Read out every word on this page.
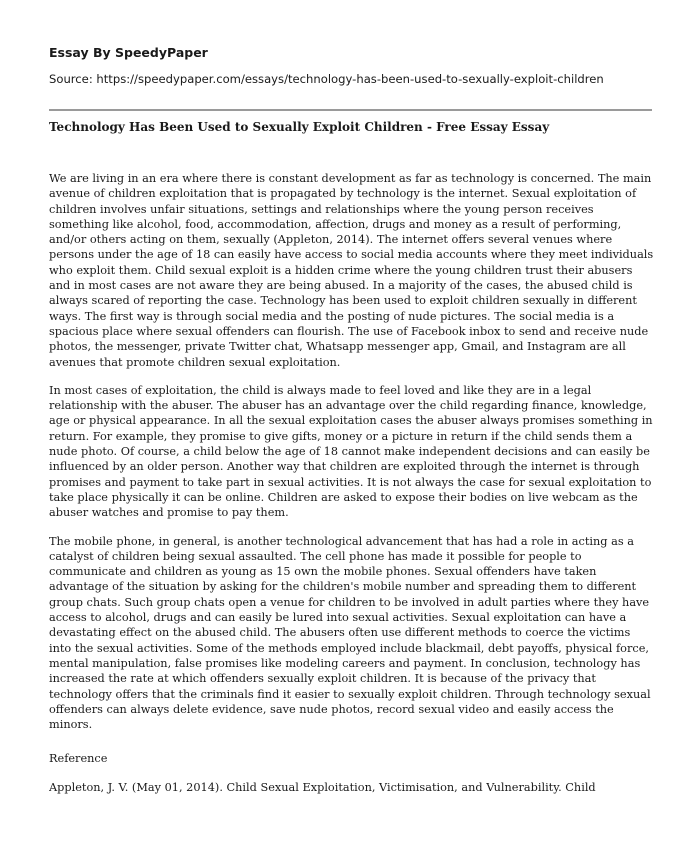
Essay By SpeedyPaper
Source: https://speedypaper.com/essays/technology-has-been-used-to-sexually-exploit-children
Technology Has Been Used to Sexually Exploit Children - Free Essay Essay

We are living in an era where there is constant development as far as technology is concerned. The main avenue of children exploitation that is propagated by technology is the internet. Sexual exploitation of children involves unfair situations, settings and relationships where the young person receives something like alcohol, food, accommodation, affection, drugs and money as a result of performing, and/or others acting on them, sexually (Appleton, 2014). The internet offers several venues where persons under the age of 18 can easily have access to social media accounts where they meet individuals who exploit them. Child sexual exploit is a hidden crime where the young children trust their abusers and in most cases are not aware they are being abused. In a majority of the cases, the abused child is always scared of reporting the case. Technology has been used to exploit children sexually in different ways. The first way is through social media and the posting of nude pictures. The social media is a spacious place where sexual offenders can flourish. The use of Facebook inbox to send and receive nude photos, the messenger, private Twitter chat, Whatsapp messenger app, Gmail, and Instagram are all avenues that promote children sexual exploitation.

In most cases of exploitation, the child is always made to feel loved and like they are in a legal relationship with the abuser. The abuser has an advantage over the child regarding finance, knowledge, age or physical appearance. In all the sexual exploitation cases the abuser always promises something in return. For example, they promise to give gifts, money or a picture in return if the child sends them a nude photo. Of course, a child below the age of 18 cannot make independent decisions and can easily be influenced by an older person. Another way that children are exploited through the internet is through promises and payment to take part in sexual activities. It is not always the case for sexual exploitation to take place physically it can be online. Children are asked to expose their bodies on live webcam as the abuser watches and promise to pay them.

The mobile phone, in general, is another technological advancement that has had a role in acting as a catalyst of children being sexual assaulted. The cell phone has made it possible for people to communicate and children as young as 15 own the mobile phones. Sexual offenders have taken advantage of the situation by asking for the children's mobile number and spreading them to different group chats. Such group chats open a venue for children to be involved in adult parties where they have access to alcohol, drugs and can easily be lured into sexual activities. Sexual exploitation can have a devastating effect on the abused child. The abusers often use different methods to coerce the victims into the sexual activities. Some of the methods employed include blackmail, debt payoffs, physical force, mental manipulation, false promises like modeling careers and payment. In conclusion, technology has increased the rate at which offenders sexually exploit children. It is because of the privacy that technology offers that the criminals find it easier to sexually exploit children. Through technology sexual offenders can always delete evidence, save nude photos, record sexual video and easily access the minors.

Reference
Appleton, J. V. (May 01, 2014). Child Sexual Exploitation, Victimisation, and Vulnerability. Child
